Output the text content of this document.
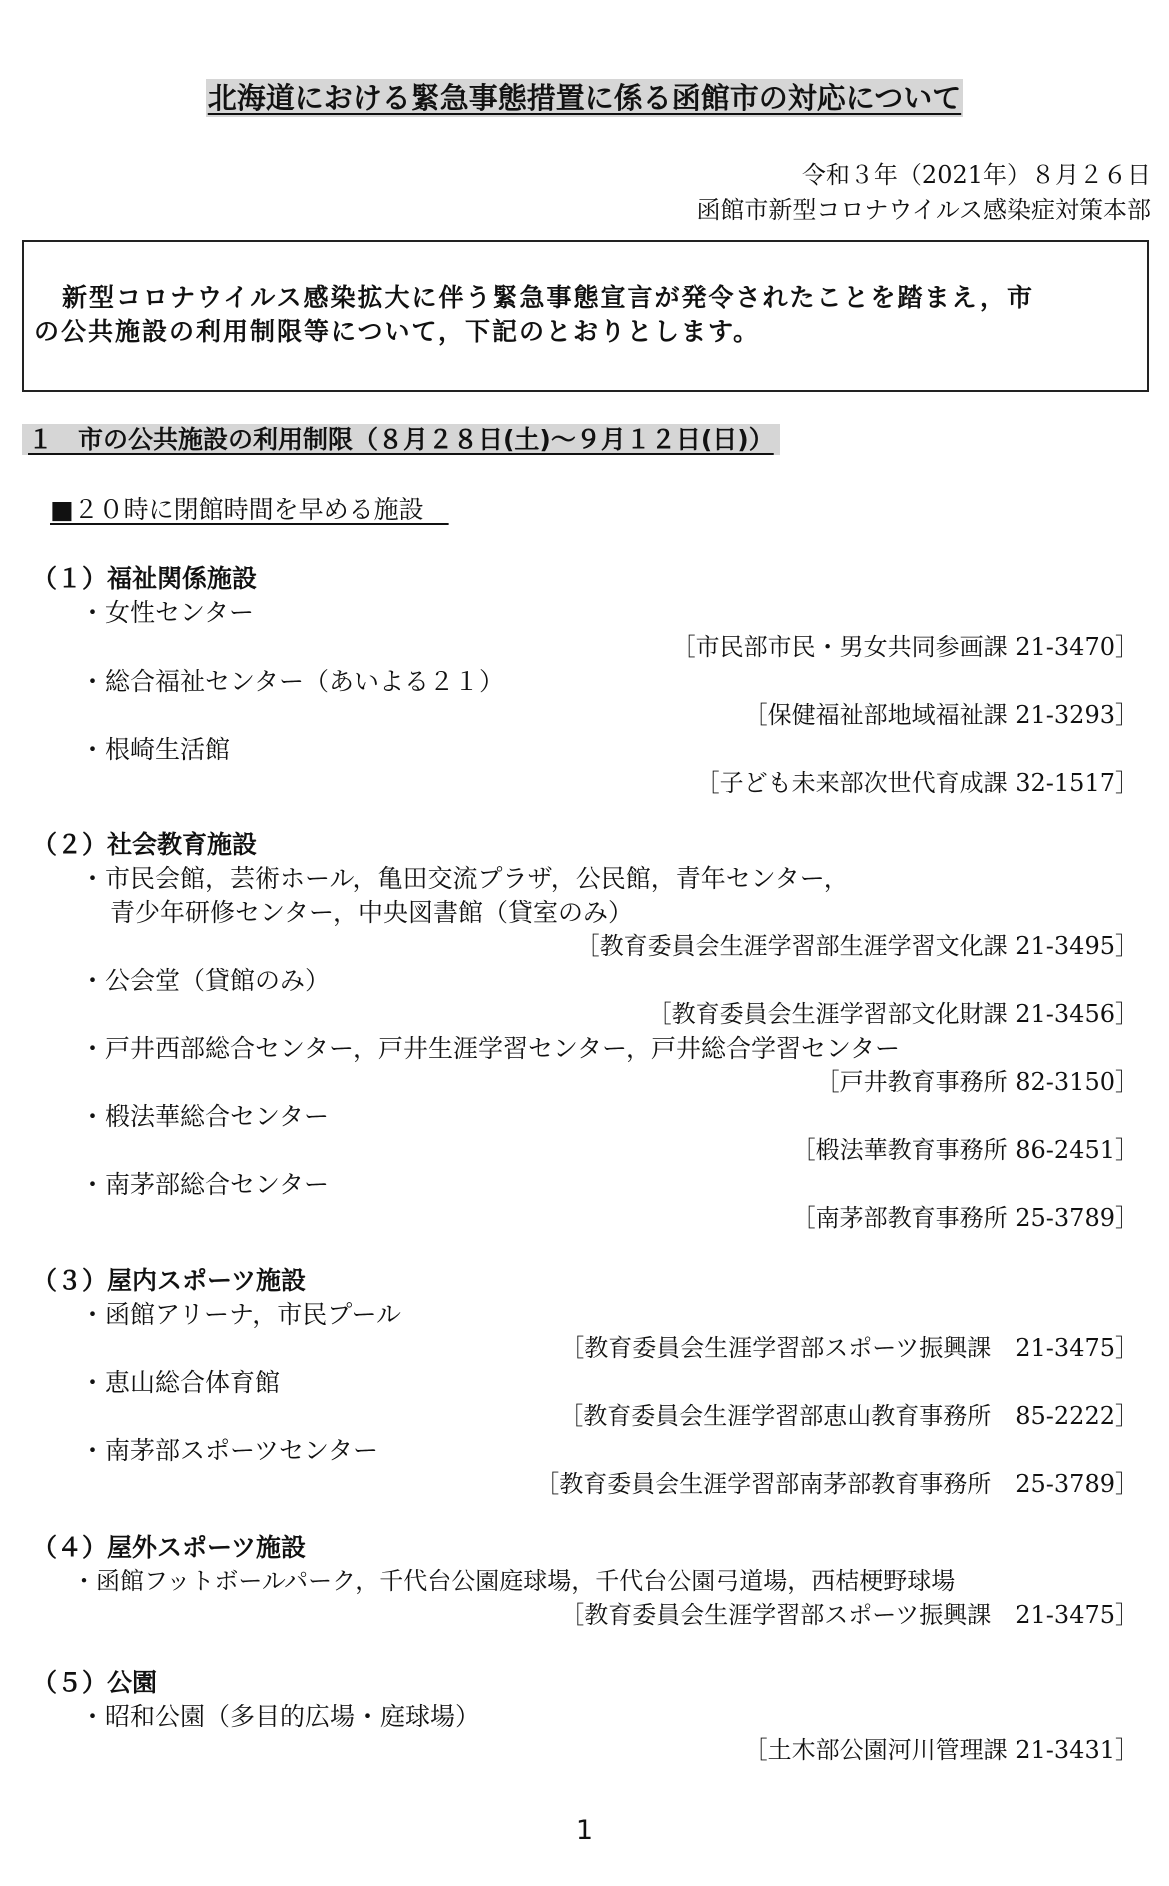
北海道における緊急事態措置に係る函館市の対応について
令和３年（2021年）８月２６日
函館市新型コロナウイルス感染症対策本部

新型コロナウイルス感染拡大に伴う緊急事態宣言が発令されたことを踏まえ，市

の公共施設の利用制限等について，下記のとおりとします。

１　市の公共施設の利用制限（８月２８日(土)～９月１２日(日)）
■２０時に閉館時間を早める施設　
（１）福祉関係施設
・女性センター
［市民部市民・男女共同参画課 21-3470］
・総合福祉センター（あいよる２１）
［保健福祉部地域福祉課 21-3293］
・根崎生活館
［子ども未来部次世代育成課 32-1517］
（２）社会教育施設
・市民会館，芸術ホール，亀田交流プラザ，公民館，青年センター，
青少年研修センター，中央図書館（貸室のみ）
［教育委員会生涯学習部生涯学習文化課 21-3495］
・公会堂（貸館のみ）
［教育委員会生涯学習部文化財課 21-3456］
・戸井西部総合センター，戸井生涯学習センター，戸井総合学習センター
［戸井教育事務所 82-3150］
・椴法華総合センター
［椴法華教育事務所 86-2451］
・南茅部総合センター
［南茅部教育事務所 25-3789］
（３）屋内スポーツ施設
・函館アリーナ，市民プール
［教育委員会生涯学習部スポーツ振興課　21-3475］
・恵山総合体育館
［教育委員会生涯学習部恵山教育事務所　85-2222］
・南茅部スポーツセンター
［教育委員会生涯学習部南茅部教育事務所　25-3789］
（４）屋外スポーツ施設
・函館フットボールパーク，千代台公園庭球場，千代台公園弓道場，西桔梗野球場
［教育委員会生涯学習部スポーツ振興課　21-3475］
（５）公園
・昭和公園（多目的広場・庭球場）
［土木部公園河川管理課 21-3431］
1
